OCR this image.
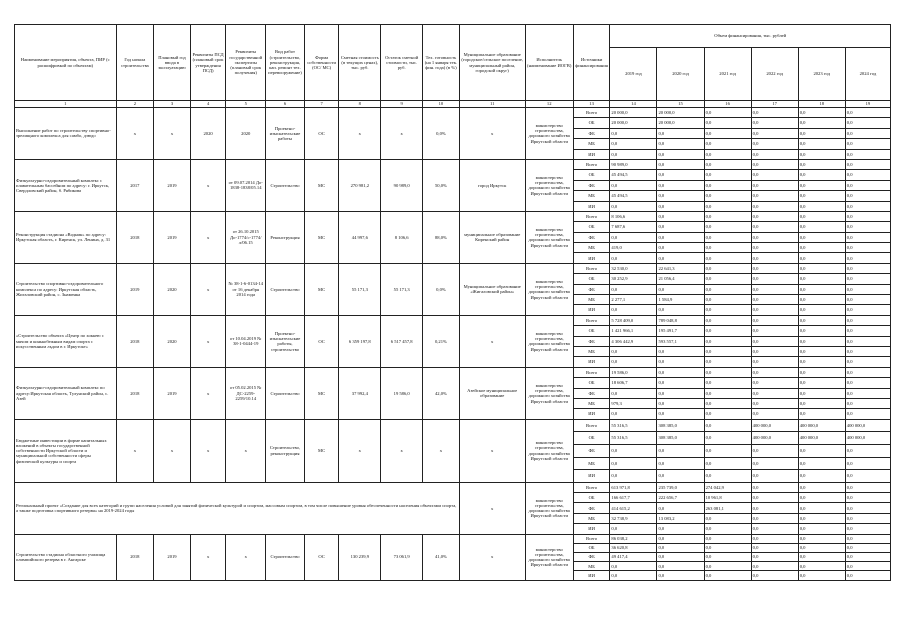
Наименование мероприятия, объекта, ПИР (с расшифровкой по объектам)	Год начала строительства	Плановый год ввода в эксплуатацию	Реквизиты ПСД (плановый срок утверждения ПСД)	Реквизиты государственной экспертизы (плановый срок получения)	Вид работ (строительство, реконструкция, кап. ремонт тех. перевооружение)	Форма собственности (ОС/ МС)	Сметная стоимость (в текущих ценах), тыс. руб.	Остаток сметной стоимости, тыс. руб.	Тех. готовность (на 1 января тек. фин. года) (в %)	Муниципальное образование (городское/сельское поселение, муниципальный район, городской округ)	Исполнитель (наименование ИОГВ)	Источники финансирования	Объем финансирования, тыс. рублей					
													2019 год	2020 год	2021 год	2022 год	2023 год	2024 год
1	2	3	4	5	6	7	8	9	10	11	12	13	14	15	16	17	18	19
Выполнение работ по строительству спортивно-зрелищного комплекса для самбо, дзюдо	x	x	2020	2020	Проектно-изыскательские работы	ОС	x	x	0,0%	x	министерство строительства, дорожного хозяйства Иркутской области	Всего	20 000,0	20 000,0	0,0	0,0	0,0	0,0
												ОБ	20 000,0	20 000,0	0,0	0,0	0,0	0,0
												ФБ	0,0	0,0	0,0	0,0	0,0	0,0
												МБ	0,0	0,0	0,0	0,0	0,0	0,0
												ИИ	0,0	0,0	0,0	0,0	0,0	0,0
Физкультурно-оздоровительный комплекс с плавательным бассейном по адресу: г. Иркутск, Свердловский район, б. Рябикова	2017	2019	x	от 09.07.2014 До- 1838-1838/05.14	Строительство	МС	270 981,2	90 989,0	50,0%	город Иркутск	министерство строительства, дорожного хозяйства Иркутской области	Всего	90 989,0	0,0	0,0	0,0	0,0	0,0
												ОБ	45 494,5	0,0	0,0	0,0	0,0	0,0
												ФБ	0,0	0,0	0,0	0,0	0,0	0,0
												МБ	45 494,5	0,0	0,0	0,0	0,0	0,0
												ИИ	0,0	0,0	0,0	0,0	0,0	0,0
Реконструкция стадиона «Водник» по адресу: Иркутская область, г. Киренск, ул. Ленина, д. 31	2018	2019	x	от 26.10.2015 До-1774/с-1774/л/06.15	Реконструкция	МС	44 997,6	8 106,6	88,0%	муниципальное образование Киренский район	министерство строительства, дорожного хозяйства Иркутской области	Всего	8 106,6	0,0	0,0	0,0	0,0	0,0
												ОБ	7 687,6	0,0	0,0	0,0	0,0	0,0
												ФБ	0,0	0,0	0,0	0,0	0,0	0,0
												МБ	419,0	0,0	0,0	0,0	0,0	0,0
												ИИ	0,0	0,0	0,0	0,0	0,0	0,0
Строительство спортивно-оздоровительного комплекса по адресу: Иркутская область, Жигаловский район, с. Знаменка	2019	2020	x	№ 38-1-6-0134-14 от 16 декабря 2014 года	Строительство	МС	55 171,3	55 171,3	0,0%	Муниципальное образование «Жигаловский район»	министерство строительства, дорожного хозяйства Иркутской области	Всего	32 530,0	22 641,3	0,0	0,0	0,0	0,0
												ОБ	30 252,9	21 056,4	0,0	0,0	0,0	0,0
												ФБ	0,0	0,0	0,0	0,0	0,0	0,0
												МБ	2 277,1	1 584,9	0,0	0,0	0,0	0,0
												ИИ	0,0	0,0	0,0	0,0	0,0	0,0
«Строительство объекта «Центр по хоккею с мячом и конькобежным видам спорта с искусственным льдом в г. Иркутске»	2018	2020	x	от 10.04.2019 № 38-1-0444-19	Проектно-изыскательские работы, строительство	ОС	6 359 197,8	6 517 457,8	0,21%	x	министерство строительства, дорожного хозяйства Иркутской области	Всего	5 728 409,0	789 048,8	0,0	0,0	0,0	0,0
												ОБ	1 421 966,1	195 491,7	0,0	0,0	0,0	0,0
												ФБ	4 306 442,9	593 557,1	0,0	0,0	0,0	0,0
												МБ	0,0	0,0	0,0	0,0	0,0	0,0
												ИИ	0,0	0,0	0,0	0,0	0,0	0,0
Физкультурно-оздоровительный комплекс по адресу:Иркутская область, Тулунский район, с. Азей	2018	2019	x	от 05.02.2015 № ДС-2259-2259/10.14	Строительство	МС	37 992,4	19 586,0	42,0%	Азейское муниципальное образование	министерство строительства, дорожного хозяйства Иркутской области	Всего	19 586,0	0,0	0,0	0,0	0,0	0,0
												ОБ	18 606,7	0,0	0,0	0,0	0,0	0,0
												ФБ	0,0	0,0	0,0	0,0	0,0	0,0
												МБ	979,3	0,0	0,0	0,0	0,0	0,0
												ИИ	0,0	0,0	0,0	0,0	0,0	0,0
Бюджетные инвестиции в форме капитальных вложений в объекты государственной собственности Иркутской области и муниципальной собственности сферы физической культуры и спорта	x	x	x	x	Строительство, реконструкция	МС	x	x	x	x	министерство строительства, дорожного хозяйства Иркутской области	Всего	55 316,5	308 385,0	0,0	400 000,0	400 000,0	400 000,0
												ОБ	55 316,5	308 385,0	0,0	400 000,0	400 000,0	400 000,0
												ФБ	0,0	0,0	0,0	0,0	0,0	0,0
												МБ	0,0	0,0	0,0	0,0	0,0	0,0
												ИИ	0,0	0,0	0,0	0,0	0,0	0,0
Региональный проект «Создание для всех категорий и групп населения условий для занятий физической культурой и спортом, массовым спортом, в том числе повышение уровня обеспеченности населения объектами спорта, а также подготовка спортивного резерва» на 2019-2024 годы										x	министерство строительства, дорожного хозяйства Иркутской области	Всего	613 971,8	235 739,0	274 042,9	0,0	0,0	0,0
												ОБ	166 617,7	222 656,7	10 961,8	0,0	0,0	0,0
												ФБ	414 615,2	0,0	263 081,1	0,0	0,0	0,0
												МБ	32 738,9	13 083,2	0,0	0,0	0,0	0,0
												ИИ	0,0	0,0	0,0	0,0	0,0	0,0
Строительство стадиона областного училища олимпийского резерва в г. Ангарске	2018	2019	x	x	Строительство	ОС	130 239,9	73 061,9	41,0%	x	министерство строительства, дорожного хозяйства Иркутской области	Всего	86 038,2	0,0	0,0	0,0	0,0	0,0
												ОБ	36 620,8	0,0	0,0	0,0	0,0	0,0
												ФБ	49 417,4	0,0	0,0	0,0	0,0	0,0
												МБ	0,0	0,0	0,0	0,0	0,0	0,0
												ИИ	0,0	0,0	0,0	0,0	0,0	0,0
